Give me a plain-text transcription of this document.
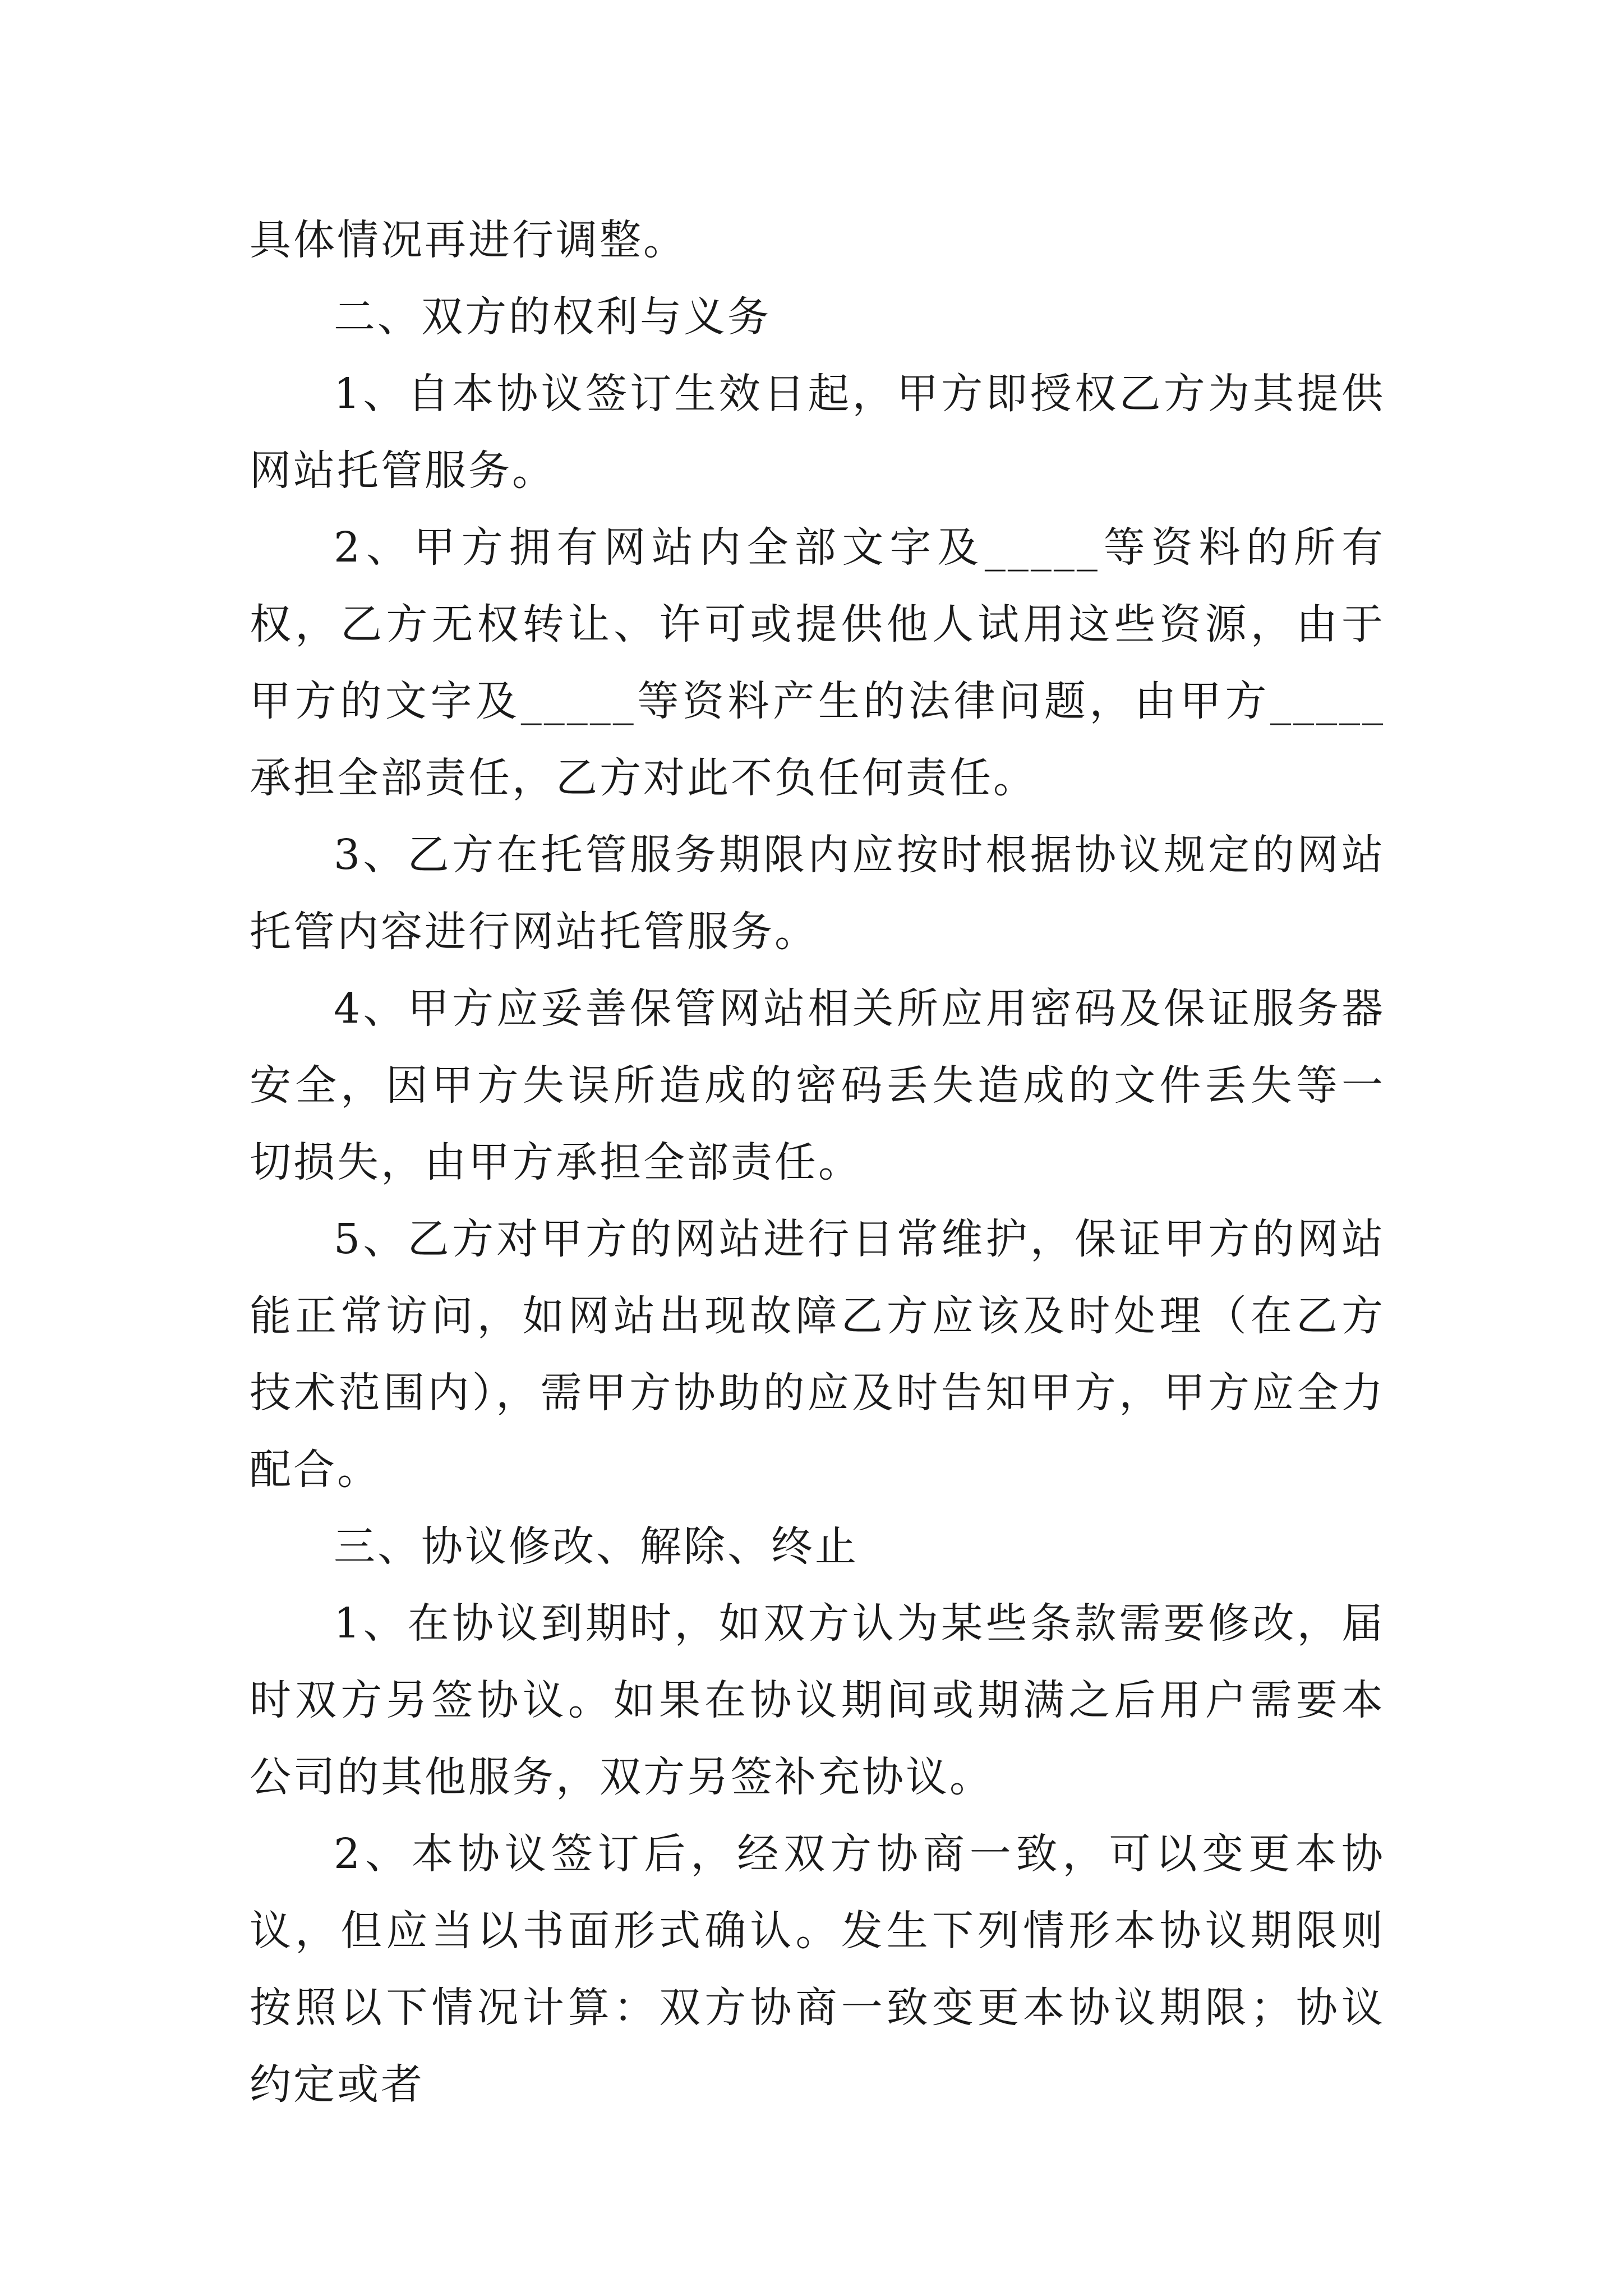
具体情况再进行调整。

二、双方的权利与义务

1、自本协议签订生效日起，甲方即授权乙方为其提供网站托管服务。

2、甲方拥有网站内全部文字及_____等资料的所有权，乙方无权转让、许可或提供他人试用这些资源，由于甲方的文字及_____等资料产生的法律问题，由甲方_____承担全部责任，乙方对此不负任何责任。

3、乙方在托管服务期限内应按时根据协议规定的网站托管内容进行网站托管服务。

4、甲方应妥善保管网站相关所应用密码及保证服务器安全，因甲方失误所造成的密码丢失造成的文件丢失等一切损失，由甲方承担全部责任。

5、乙方对甲方的网站进行日常维护，保证甲方的网站能正常访问，如网站出现故障乙方应该及时处理（在乙方技术范围内），需甲方协助的应及时告知甲方，甲方应全力配合。

三、协议修改、解除、终止

1、在协议到期时，如双方认为某些条款需要修改，届时双方另签协议。如果在协议期间或期满之后用户需要本公司的其他服务，双方另签补充协议。

2、本协议签订后，经双方协商一致，可以变更本协议，但应当以书面形式确认。发生下列情形本协议期限则按照以下情况计算：双方协商一致变更本协议期限；协议约定或者
